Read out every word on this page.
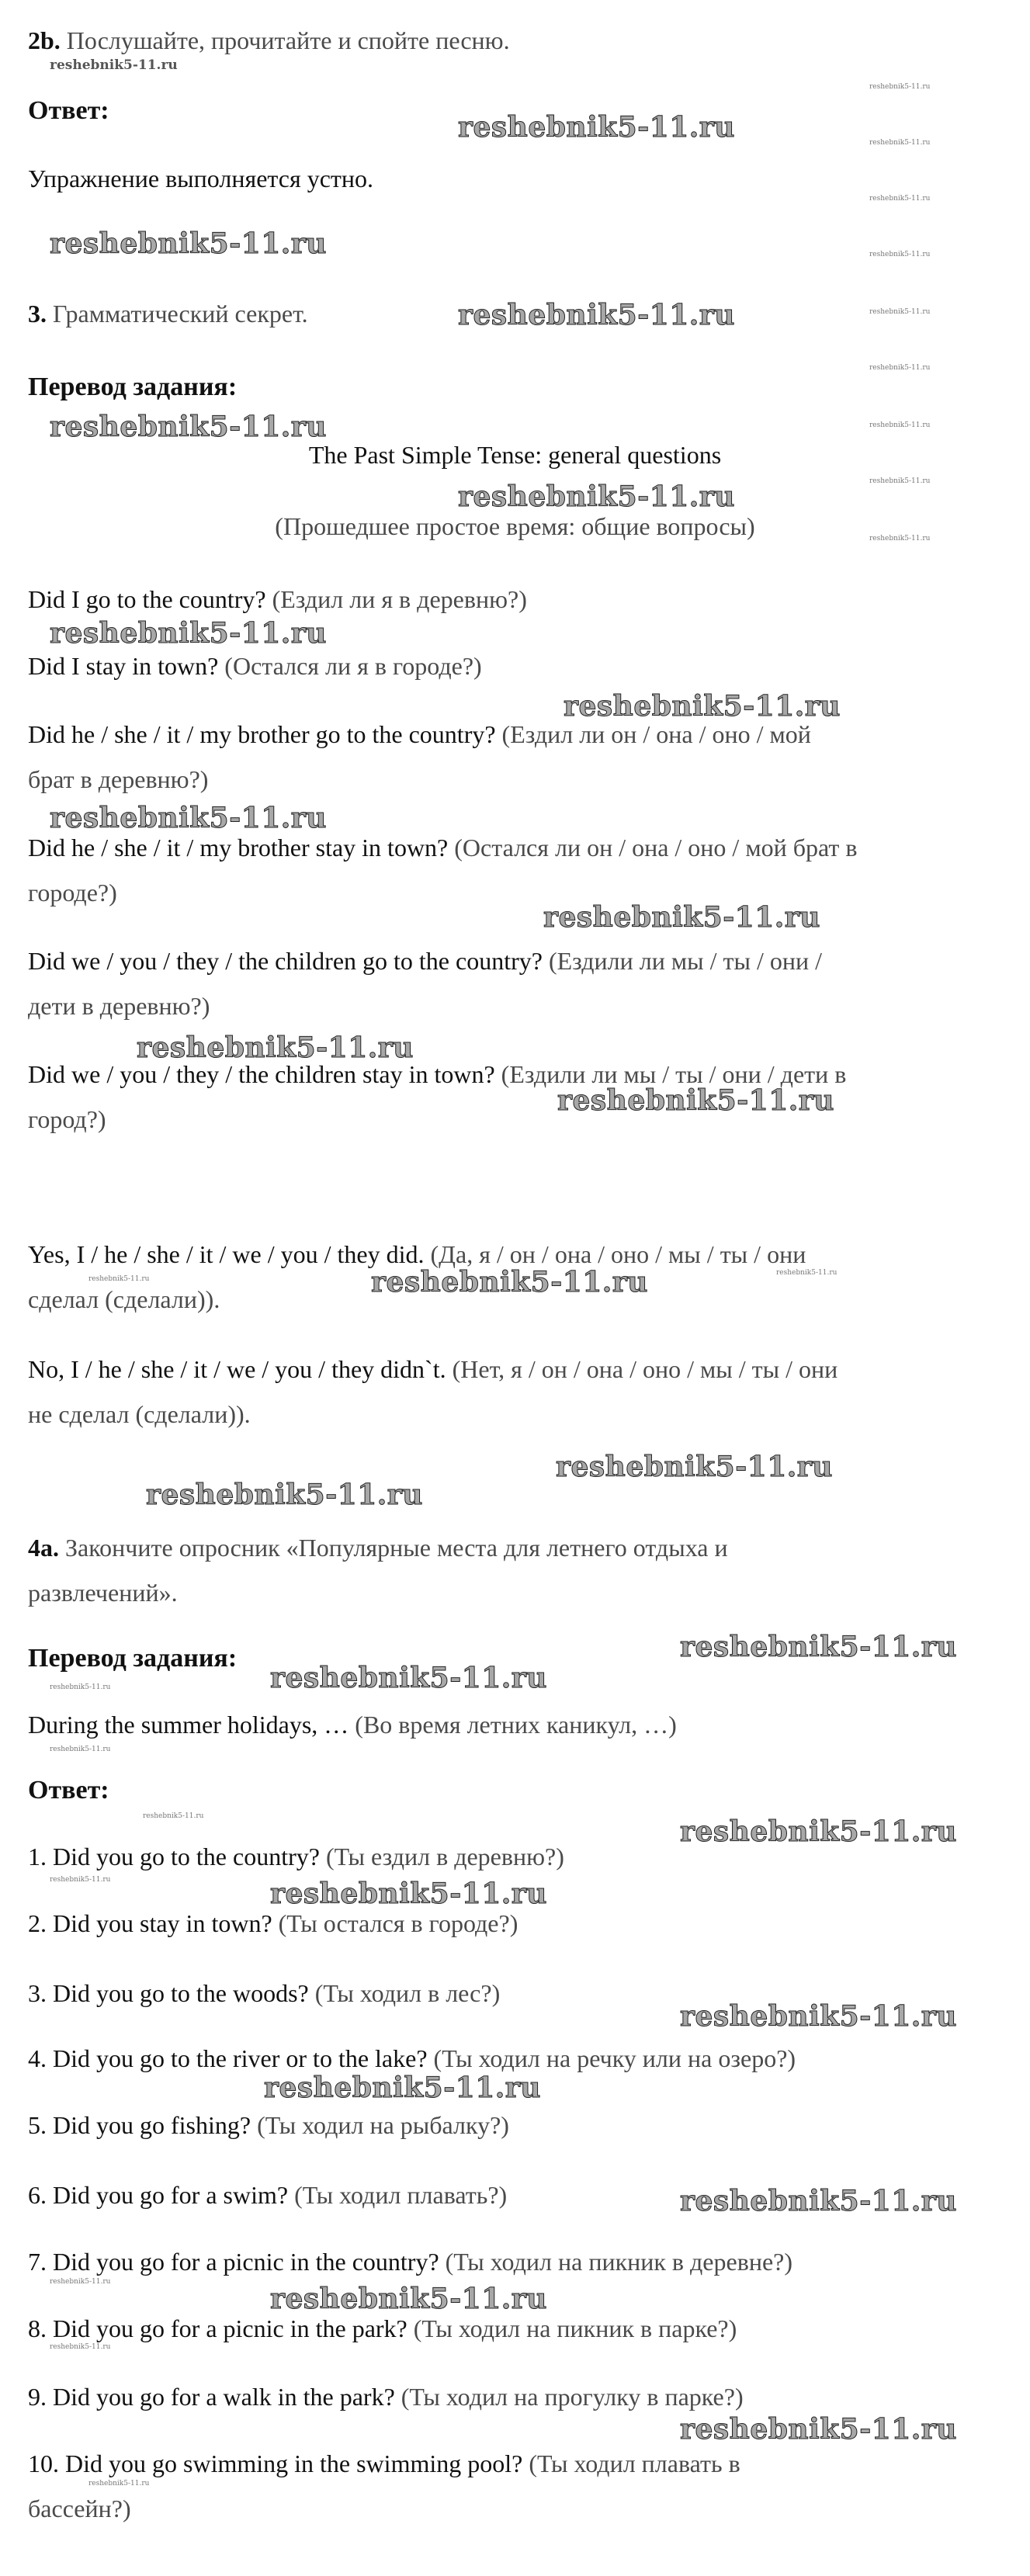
2b. Послушайте, прочитайте и спойте песню.
Ответ:
Упражнение выполняется устно.
3. Грамматический секрет.
Перевод задания:
The Past Simple Tense: general questions
(Прошедшее простое время: общие вопросы)
Did I go to the country? (Ездил ли я в деревню?)
Did I stay in town? (Остался ли я в городе?)
Did he / she / it / my brother go to the country? (Ездил ли он / она / оно / мой
брат в деревню?)
Did he / she / it / my brother stay in town? (Остался ли он / она / оно / мой брат в
городе?)
Did we / you / they / the children go to the country? (Ездили ли мы / ты / они /
дети в деревню?)
Did we / you / they / the children stay in town? (Ездили ли мы / ты / они / дети в
город?)
Yes, I / he / she / it / we / you / they did. (Да, я / он / она / оно / мы / ты / они
сделал (сделали)).
No, I / he / she / it / we / you / they didn`t. (Нет, я / он / она / оно / мы / ты / они
не сделал (сделали)).
4a. Закончите опросник «Популярные места для летнего отдыха и
развлечений».
Перевод задания:
During the summer holidays, … (Во время летних каникул, …)
Ответ:
1. Did you go to the country? (Ты ездил в деревню?)
2. Did you stay in town? (Ты остался в городе?)
3. Did you go to the woods? (Ты ходил в лес?)
4. Did you go to the river or to the lake? (Ты ходил на речку или на озеро?)
5. Did you go fishing? (Ты ходил на рыбалку?)
6. Did you go for a swim? (Ты ходил плавать?)
7. Did you go for a picnic in the country? (Ты ходил на пикник в деревне?)
8. Did you go for a picnic in the park? (Ты ходил на пикник в парке?)
9. Did you go for a walk in the park? (Ты ходил на прогулку в парке?)
10. Did you go swimming in the swimming pool? (Ты ходил плавать в
бассейн?)
reshebnik5-11.ru
reshebnik5-11.ru
reshebnik5-11.ru
reshebnik5-11.ru
reshebnik5-11.ru
reshebnik5-11.ru
reshebnik5-11.ru
reshebnik5-11.ru
reshebnik5-11.ru
reshebnik5-11.ru
reshebnik5-11.ru
reshebnik5-11.ru
reshebnik5-11.ru
reshebnik5-11.ru
reshebnik5-11.ru
reshebnik5-11.ru
reshebnik5-11.ru
reshebnik5-11.ru
reshebnik5-11.ru
reshebnik5-11.ru
reshebnik5-11.ru
reshebnik5-11.ru
reshebnik5-11.ru
reshebnik5-11.ru
reshebnik5-11.ru
reshebnik5-11.ru
reshebnik5-11.ru
reshebnik5-11.ru
reshebnik5-11.ru
reshebnik5-11.ru
reshebnik5-11.ru
reshebnik5-11.ru
reshebnik5-11.ru
reshebnik5-11.ru
reshebnik5-11.ru
reshebnik5-11.ru
reshebnik5-11.ru
reshebnik5-11.ru
reshebnik5-11.ru
reshebnik5-11.ru
reshebnik5-11.ru
reshebnik5-11.ru
